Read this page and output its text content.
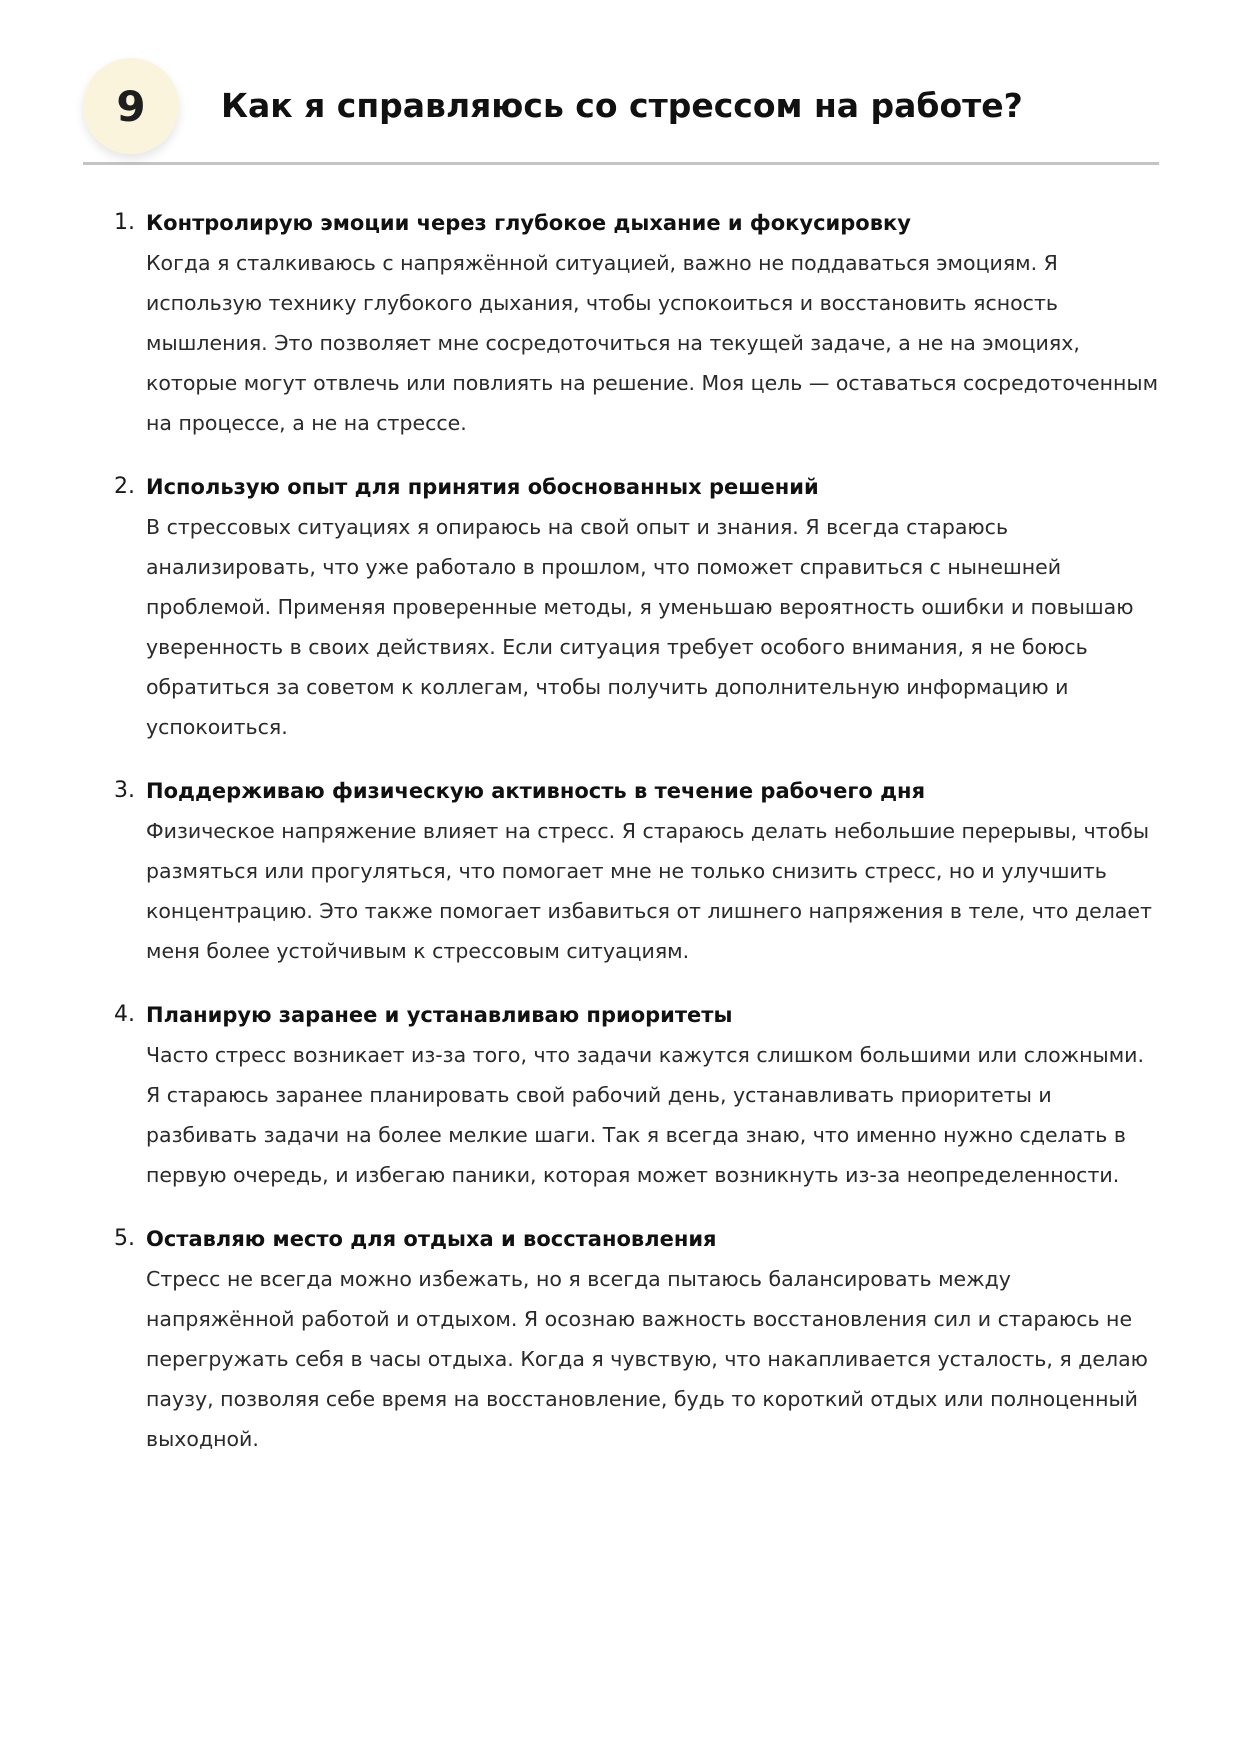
9	Как я справляюсь со стрессом на работе?
1. Контролирую эмоции через глубокое дыхание и фокусировку

Когда я сталкиваюсь с напряжённой ситуацией, важно не поддаваться эмоциям. Я использую технику глубокого дыхания, чтобы успокоиться и восстановить ясность мышления. Это позволяет мне сосредоточиться на текущей задаче, а не на эмоциях, которые могут отвлечь или повлиять на решение. Моя цель — оставаться сосредоточенным на процессе, а не на стрессе.

2. Использую опыт для принятия обоснованных решений

В стрессовых ситуациях я опираюсь на свой опыт и знания. Я всегда стараюсь анализировать, что уже работало в прошлом, что поможет справиться с нынешней проблемой. Применяя проверенные методы, я уменьшаю вероятность ошибки и повышаю уверенность в своих действиях. Если ситуация требует особого внимания, я не боюсь обратиться за советом к коллегам, чтобы получить дополнительную информацию и успокоиться.

3. Поддерживаю физическую активность в течение рабочего дня

Физическое напряжение влияет на стресс. Я стараюсь делать небольшие перерывы, чтобы размяться или прогуляться, что помогает мне не только снизить стресс, но и улучшить концентрацию. Это также помогает избавиться от лишнего напряжения в теле, что делает меня более устойчивым к стрессовым ситуациям.

4. Планирую заранее и устанавливаю приоритеты

Часто стресс возникает из-за того, что задачи кажутся слишком большими или сложными. Я стараюсь заранее планировать свой рабочий день, устанавливать приоритеты и разбивать задачи на более мелкие шаги. Так я всегда знаю, что именно нужно сделать в первую очередь, и избегаю паники, которая может возникнуть из-за неопределенности.

5. Оставляю место для отдыха и восстановления

Стресс не всегда можно избежать, но я всегда пытаюсь балансировать между напряжённой работой и отдыхом. Я осознаю важность восстановления сил и стараюсь не перегружать себя в часы отдыха. Когда я чувствую, что накапливается усталость, я делаю паузу, позволяя себе время на восстановление, будь то короткий отдых или полноценный выходной.
